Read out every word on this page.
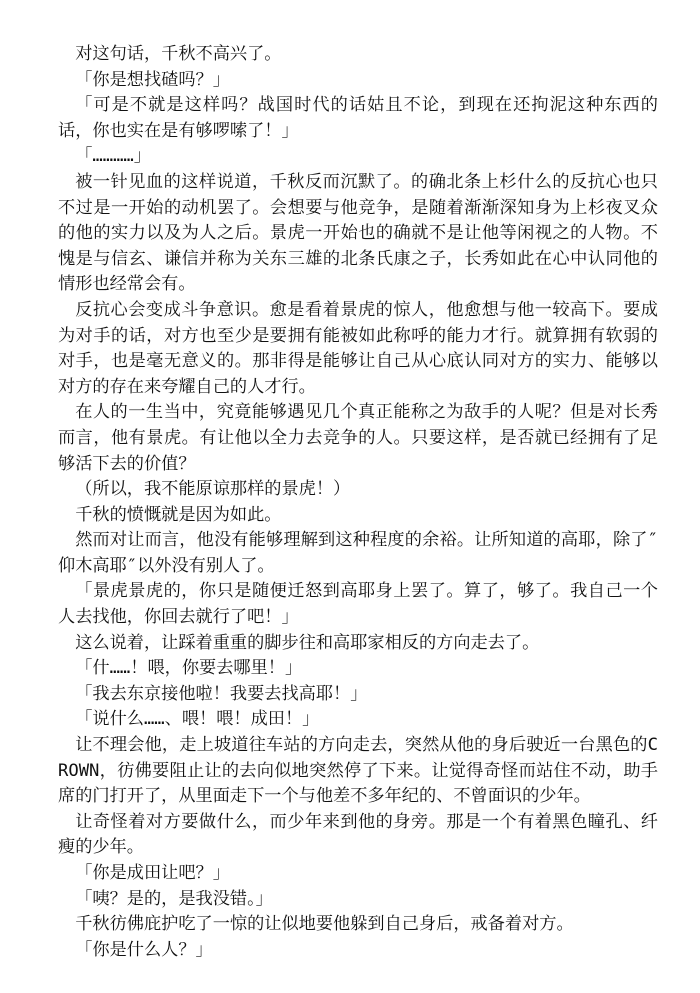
对这句话，千秋不高兴了。

「你是想找碴吗？」

「可是不就是这样吗？战国时代的话姑且不论，到现在还拘泥这种东西的话，你也实在是有够啰嗦了！」

「…………」

被一针见血的这样说道，千秋反而沉默了。的确北条上杉什么的反抗心也只不过是一开始的动机罢了。会想要与他竞争，是随着渐渐深知身为上杉夜叉众的他的实力以及为人之后。景虎一开始也的确就不是让他等闲视之的人物。不愧是与信玄、谦信并称为关东三雄的北条氏康之子，长秀如此在心中认同他的情形也经常会有。

反抗心会变成斗争意识。愈是看着景虎的惊人，他愈想与他一较高下。要成为对手的话，对方也至少是要拥有能被如此称呼的能力才行。就算拥有软弱的对手，也是毫无意义的。那非得是能够让自己从心底认同对方的实力、能够以对方的存在来夸耀自己的人才行。

在人的一生当中，究竟能够遇见几个真正能称之为敌手的人呢？但是对长秀而言，他有景虎。有让他以全力去竞争的人。只要这样，是否就已经拥有了足够活下去的价值？

（所以，我不能原谅那样的景虎！）

千秋的愤慨就是因为如此。

然而对让而言，他没有能够理解到这种程度的余裕。让所知道的高耶，除了″仰木高耶″以外没有别人了。

「景虎景虎的，你只是随便迁怒到高耶身上罢了。算了，够了。我自己一个人去找他，你回去就行了吧！」

这么说着，让踩着重重的脚步往和高耶家相反的方向走去了。

「什……！喂，你要去哪里！」

「我去东京接他啦！我要去找高耶！」

「说什么……、喂！喂！成田！」

让不理会他，走上坡道往车站的方向走去，突然从他的身后驶近一台黑色的CROWN，彷佛要阻止让的去向似地突然停了下来。让觉得奇怪而站住不动，助手席的门打开了，从里面走下一个与他差不多年纪的、不曾面识的少年。

让奇怪着对方要做什么，而少年来到他的身旁。那是一个有着黑色瞳孔、纤瘦的少年。

「你是成田让吧？」

「咦？是的，是我没错。」

千秋彷佛庇护吃了一惊的让似地要他躲到自己身后，戒备着对方。

「你是什么人？」
